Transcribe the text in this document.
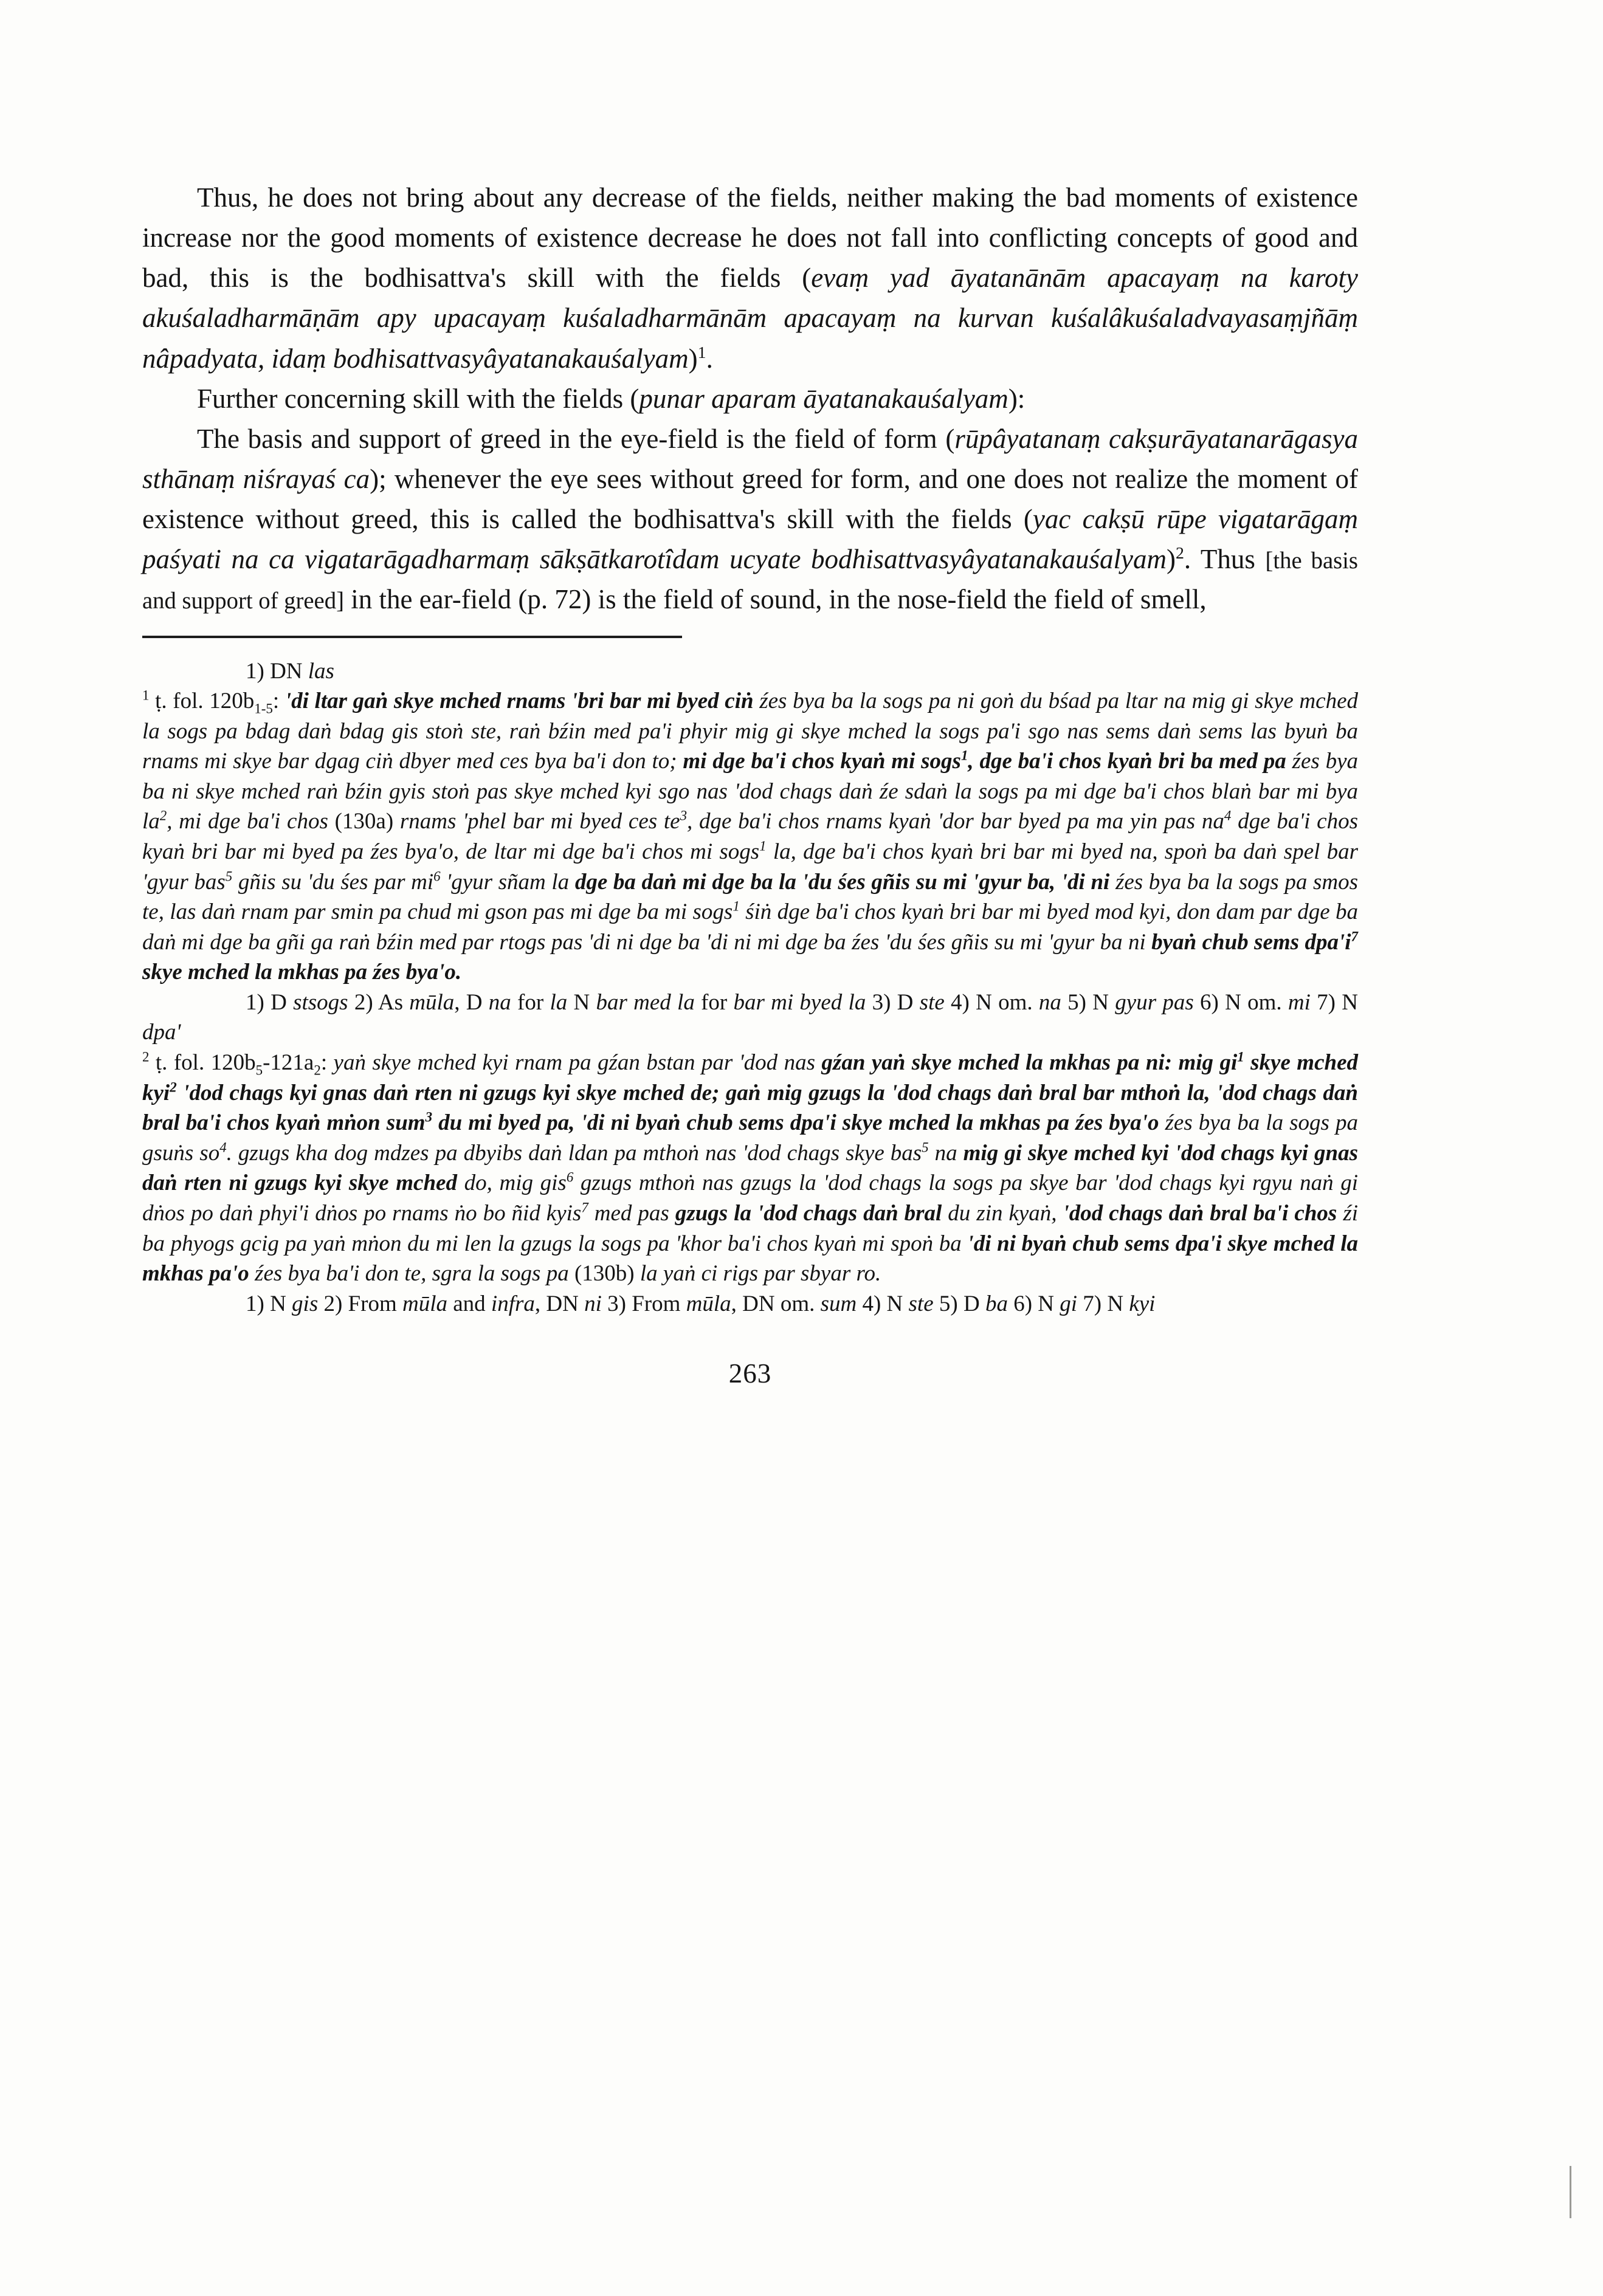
Thus, he does not bring about any decrease of the fields, neither making the bad moments of existence increase nor the good moments of existence decrease he does not fall into conflicting concepts of good and bad, this is the bodhisattva's skill with the fields (evaṃ yad āyatanānām apacayaṃ na karoty akuśaladharmāṇām apy upacayaṃ kuśaladharmānām apacayaṃ na kurvan kuśalâkuśaladvayasaṃjñāṃ nâpadyata, idaṃ bodhisattvasyâyatanakauśalyam)$^1$.

Further concerning skill with the fields (punar aparam āyatanakauśalyam):

The basis and support of greed in the eye-field is the field of form (rūpâyatanaṃ cakṣurāyatanarāgasya sthānaṃ niśrayaś ca); whenever the eye sees without greed for form, and one does not realize the moment of existence without greed, this is called the bodhisattva's skill with the fields (yac cakṣū rūpe vigatarāgaṃ paśyati na ca vigatarāgadharmaṃ sākṣātkarotîdam ucyate bodhisattvasyâyatanakauśalyam)$^2$. Thus [the basis and support of greed] in the ear-field (p. 72) is the field of sound, in the nose-field the field of smell,

1) DN las

$^1$ ṭ. fol. $120b_{1-5}$: 'di ltar gaṅ skye mched rnams 'bri bar mi byed ciṅ źes bya ba la sogs pa ni goṅ du bśad pa ltar na mig gi skye mched la sogs pa bdag daṅ bdag gis stoṅ ste, raṅ bźin med pa'i phyir mig gi skye mched la sogs pa'i sgo nas sems daṅ sems las byuṅ ba rnams mi skye bar dgag ciṅ dbyer med ces bya ba'i don to; mi dge ba'i chos kyaṅ mi sogs$^1$, dge ba'i chos kyaṅ bri ba med pa źes bya ba ni skye mched raṅ bźin gyis stoṅ pas skye mched kyi sgo nas 'dod chags daṅ źe sdaṅ la sogs pa mi dge ba'i chos blaṅ bar mi bya $la^2$, mi dge ba'i chos (130a) rnams 'phel bar mi byed ces $te^3$, dge ba'i chos rnams kyaṅ 'dor bar byed pa ma yin pas $na^4$ dge ba'i chos kyaṅ bri bar mi byed pa źes bya'o, de ltar mi dge ba'i chos mi sogs$^1$ la, dge ba'i chos kyaṅ bri bar mi byed na, spoṅ ba daṅ spel bar 'gyur bas$^5$ gñis su 'du śes par $mi^6$ 'gyur sñam la dge ba daṅ mi dge ba la 'du śes gñis su mi 'gyur ba, 'di ni źes bya ba la sogs pa smos te, las daṅ rnam par smin pa chud mi gson pas mi dge ba mi sogs$^1$ śiṅ dge ba'i chos kyaṅ bri bar mi byed mod kyi, don dam par dge ba daṅ mi dge ba gñi ga raṅ bźin med par rtogs pas 'di ni dge ba 'di ni mi dge ba źes 'du śes gñis su mi 'gyur ba ni byaṅ chub sems $dpa'i^7$ skye mched la mkhas pa źes bya'o.

1) D stsogs 2) As mūla, D na for la N bar med la for bar mi byed la 3) D ste 4) N om. na 5) N gyur pas 6) N om. mi 7) N dpa'

$^2$ ṭ. fol. $120b_5-121a_2$: yaṅ skye mched kyi rnam pa gźan bstan par 'dod nas gźan yaṅ skye mched la mkhas pa ni: mig $gi^1$ skye mched kyi$^2$ 'dod chags kyi gnas daṅ rten ni gzugs kyi skye mched de; gaṅ mig gzugs la 'dod chags daṅ bral bar mthoṅ la, 'dod chags daṅ bral ba'i chos kyaṅ mṅon sum$^3$ du mi byed pa, 'di ni byaṅ chub sems dpa'i skye mched la mkhas pa źes bya'o źes bya ba la sogs pa gsuṅs $so^4$. gzugs kha dog mdzes pa dbyibs daṅ ldan pa mthoṅ nas 'dod chags skye bas$^5$ na mig gi skye mched kyi 'dod chags kyi gnas daṅ rten ni gzugs kyi skye mched do, mig gis$^6$ gzugs mthoṅ nas gzugs la 'dod chags la sogs pa skye bar 'dod chags kyi rgyu naṅ gi dṅos po daṅ phyi'i dṅos po rnams ṅo bo ñid kyis$^7$ med pas gzugs la 'dod chags daṅ bral du zin kyaṅ, 'dod chags daṅ bral ba'i chos źi ba phyogs gcig pa yaṅ mṅon du mi len la gzugs la sogs pa 'khor ba'i chos kyaṅ mi spoṅ ba 'di ni byaṅ chub sems dpa'i skye mched la mkhas pa'o źes bya ba'i don te, sgra la sogs pa (130b) la yaṅ ci rigs par sbyar ro.

1) N gis 2) From mūla and infra, DN ni 3) From mūla, DN om. sum 4) N ste 5) D ba 6) N gi 7) N kyi

263
